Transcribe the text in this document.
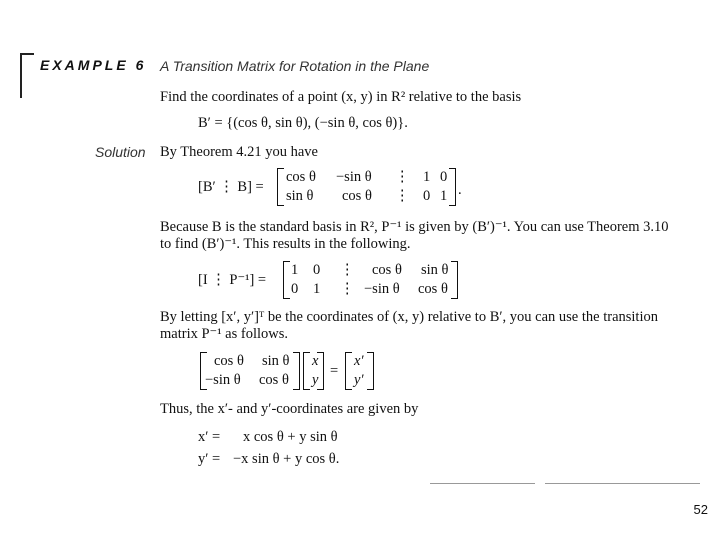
EXAMPLE 6 A Transition Matrix for Rotation in the Plane
Find the coordinates of a point (x, y) in R² relative to the basis
B′ = {(cos θ, sin θ), (−sin θ, cos θ)}.
Solution By Theorem 4.21 you have
[B′ ⋮ B] =
cos θ −sin θ ⋮ 1 0
sin θ cos θ ⋮ 0 1 .
Because B is the standard basis in R², P⁻¹ is given by (B′)⁻¹. You can use Theorem 3.10
to find (B′)⁻¹. This results in the following.
[I ⋮ P⁻¹] =
1 0 ⋮ cos θ sin θ
0 1 ⋮ −sin θ cos θ
By letting [x′, y′]ᵀ be the coordinates of (x, y) relative to B′, you can use the transition
matrix P⁻¹ as follows.
cos θ sin θ
−sin θ cos θ
x
y
=
x′
y′
Thus, the x′- and y′-coordinates are given by
x′ = x cos θ + y sin θ
y′ = −x sin θ + y cos θ.
52
